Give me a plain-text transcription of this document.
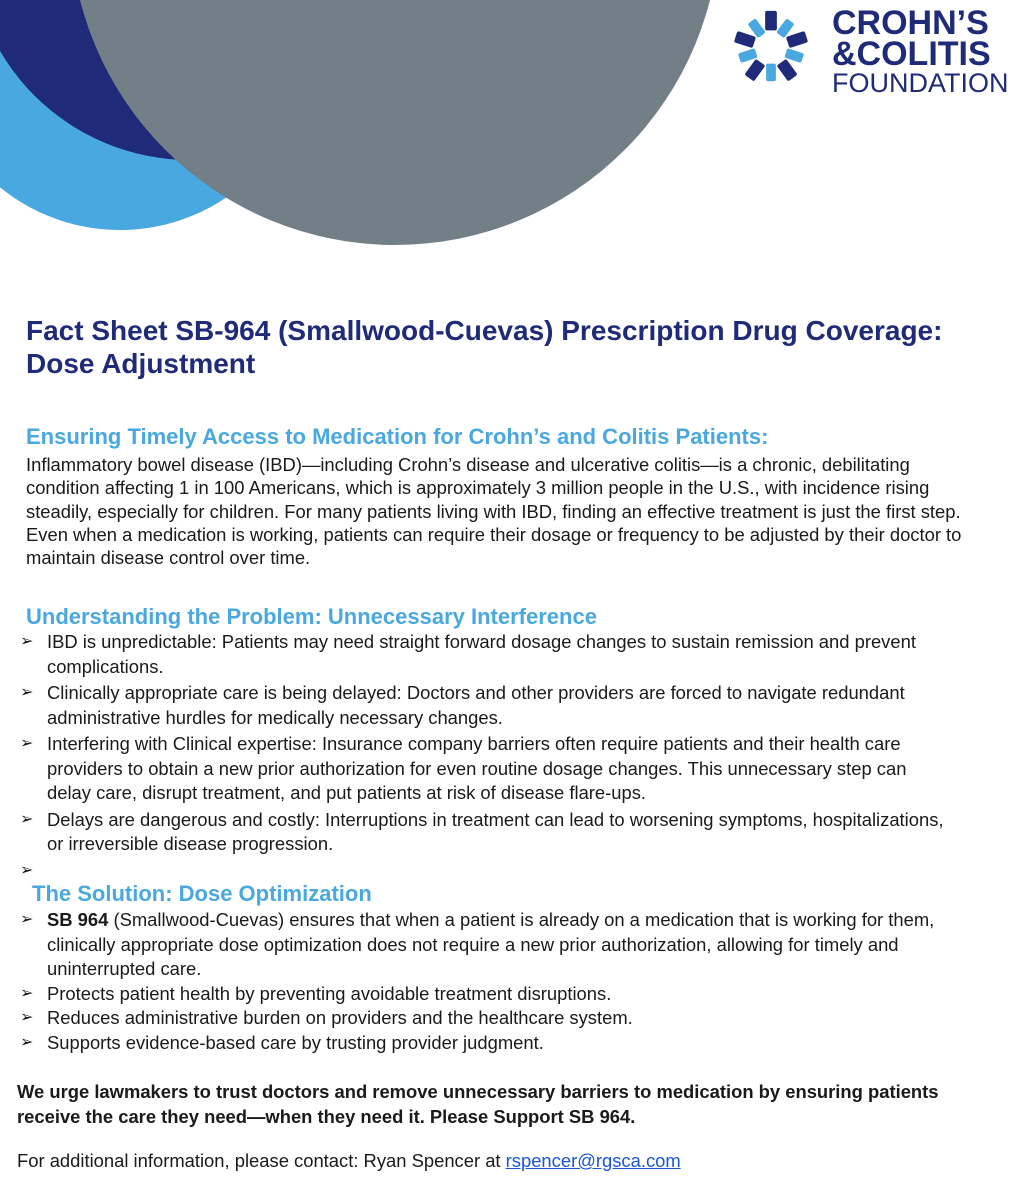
CROHN’S
&COLITIS
FOUNDATION
Fact Sheet SB-964 (Smallwood-Cuevas) Prescription Drug Coverage: Dose Adjustment
Ensuring Timely Access to Medication for Crohn’s and Colitis Patients:

Inflammatory bowel disease (IBD)—including Crohn’s disease and ulcerative colitis—is a chronic, debilitating condition affecting 1 in 100 Americans, which is approximately 3 million people in the U.S., with incidence rising steadily, especially for children. For many patients living with IBD, finding an effective treatment is just the first step. Even when a medication is working, patients can require their dosage or frequency to be adjusted by their doctor to maintain disease control over time.

Understanding the Problem: Unnecessary Interference
➢ IBD is unpredictable: Patients may need straight forward dosage changes to sustain remission and prevent complications.
➢ Clinically appropriate care is being delayed: Doctors and other providers are forced to navigate redundant administrative hurdles for medically necessary changes.
➢ Interfering with Clinical expertise: Insurance company barriers often require patients and their health care providers to obtain a new prior authorization for even routine dosage changes. This unnecessary step can delay care, disrupt treatment, and put patients at risk of disease flare-ups.
➢ Delays are dangerous and costly: Interruptions in treatment can lead to worsening symptoms, hospitalizations, or irreversible disease progression.
➢
The Solution: Dose Optimization
➢ SB 964 (Smallwood-Cuevas) ensures that when a patient is already on a medication that is working for them, clinically appropriate dose optimization does not require a new prior authorization, allowing for timely and uninterrupted care.
➢ Protects patient health by preventing avoidable treatment disruptions.
➢ Reduces administrative burden on providers and the healthcare system.
➢ Supports evidence-based care by trusting provider judgment.

We urge lawmakers to trust doctors and remove unnecessary barriers to medication by ensuring patients receive the care they need—when they need it. Please Support SB 964.

For additional information, please contact: Ryan Spencer at rspencer@rgsca.com
